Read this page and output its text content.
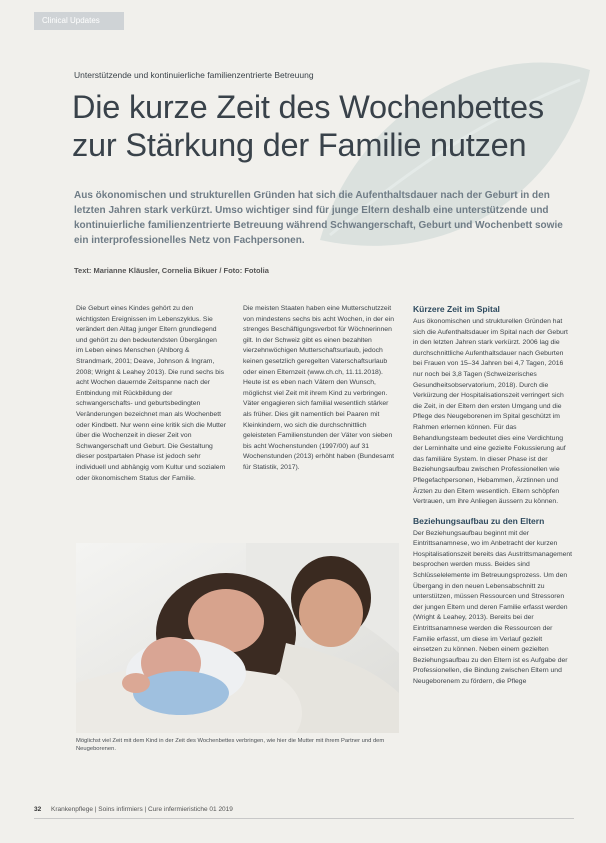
Clinical Updates
Unterstützende und kontinuierliche familienzentrierte Betreuung
Die kurze Zeit des Wochenbettes
zur Stärkung der Familie nutzen

Aus ökonomischen und strukturellen Gründen hat sich die Aufenthaltsdauer nach der Geburt in den letzten Jahren stark verkürzt. Umso wichtiger sind für junge Eltern deshalb eine unterstützende und kontinuierliche familienzentrierte Betreuung während Schwangerschaft, Geburt und Wochenbett sowie ein interprofessionelles Netz von Fachpersonen.

Text: Marianne Kläusler, Cornelia Bikuer / Foto: Fotolia

Die Geburt eines Kindes gehört zu den wichtigsten Ereignissen im Lebenszyklus. Sie verändert den Alltag junger Eltern grundlegend und gehört zu den bedeutendsten Übergängen im Leben eines Menschen (Ahlborg & Strandmark, 2001; Deave, Johnson & Ingram, 2008; Wright & Leahey 2013). Die rund sechs bis acht Wochen dauernde Zeitspanne nach der Entbindung mit Rückbildung der schwangerschafts- und geburtsbedingten Veränderungen bezeichnet man als Wochenbett oder Kindbett. Nur wenn eine kritik sich die Mutter über die Wochenzeit in dieser Zeit von Schwangerschaft und Geburt. Die Gestaltung dieser postpartalen Phase ist jedoch sehr individuell und abhängig vom Kultur und sozialem oder ökonomischem Status der Familie.

Die meisten Staaten haben eine Mutterschutzzeit von mindestens sechs bis acht Wochen, in der ein strenges Beschäftigungsverbot für Wöchnerinnen gilt. In der Schweiz gibt es einen bezahlten vierzehnwöchigen Mutterschaftsurlaub, jedoch keinen gesetzlich geregelten Vaterschaftsurlaub oder einen Elternzeit (www.ch.ch, 11.11.2018). Heute ist es eben nach Vätern den Wunsch, möglichst viel Zeit mit ihrem Kind zu verbringen. Väter engagieren sich familial wesentlich stärker als früher. Dies gilt namentlich bei Paaren mit Kleinkindern, wo sich die durchschnittlich geleisteten Familienstunden der Väter von sieben bis acht Wochenstunden (1997/00) auf 31 Wochenstunden (2013) erhöht haben (Bundesamt für Statistik, 2017).

Kürzere Zeit im Spital
Aus ökonomischen und strukturellen Gründen hat sich die Aufenthaltsdauer im Spital nach der Geburt in den letzten Jahren stark verkürzt. 2006 lag die durchschnittliche Aufenthaltsdauer nach Geburten bei Frauen von 15–34 Jahren bei 4,7 Tagen, 2016 nur noch bei 3,8 Tagen (Schweizerisches Gesundheitsobservatorium, 2018). Durch die Verkürzung der Hospitalisationszeit verringert sich die Zeit, in der Eltern den ersten Umgang und die Pflege des Neugeborenen im Spital geschützt im Rahmen erlernen können. Für das Behandlungsteam bedeutet dies eine Verdichtung der Lerninhalte und eine gezielte Fokussierung auf das familiäre System. In dieser Phase ist der Beziehungsaufbau zwischen Professionellen wie Pflegefachpersonen, Hebammen, Ärztinnen und Ärzten zu den Eltern wesentlich. Eltern schöpfen Vertrauen, um ihre Anliegen äussern zu können.
Beziehungsaufbau zu den Eltern
Der Beziehungsaufbau beginnt mit der Eintrittsanamnese, wo im Anbetracht der kurzen Hospitalisationszeit bereits das Austrittsmanagement besprochen werden muss. Beides sind Schlüsselelemente im Betreuungsprozess. Um den Übergang in den neuen Lebensabschnitt zu unterstützen, müssen Ressourcen und Stressoren der jungen Eltern und deren Familie erfasst werden (Wright & Leahey, 2013). Bereits bei der Eintrittsanamnese werden die Ressourcen der Familie erfasst, um diese im Verlauf gezielt einsetzen zu können. Neben einem gezielten Beziehungsaufbau zu den Eltern ist es Aufgabe der Professionellen, die Bindung zwischen Eltern und Neugeborenem zu fördern, die Pflege

Möglichst viel Zeit mit dem Kind in der Zeit des Wochenbettes verbringen, wie hier die Mutter mit ihrem Partner und dem Neugeborenen.

32 Krankenpflege | Soins infirmiers | Cure infermieristiche 01 2019
